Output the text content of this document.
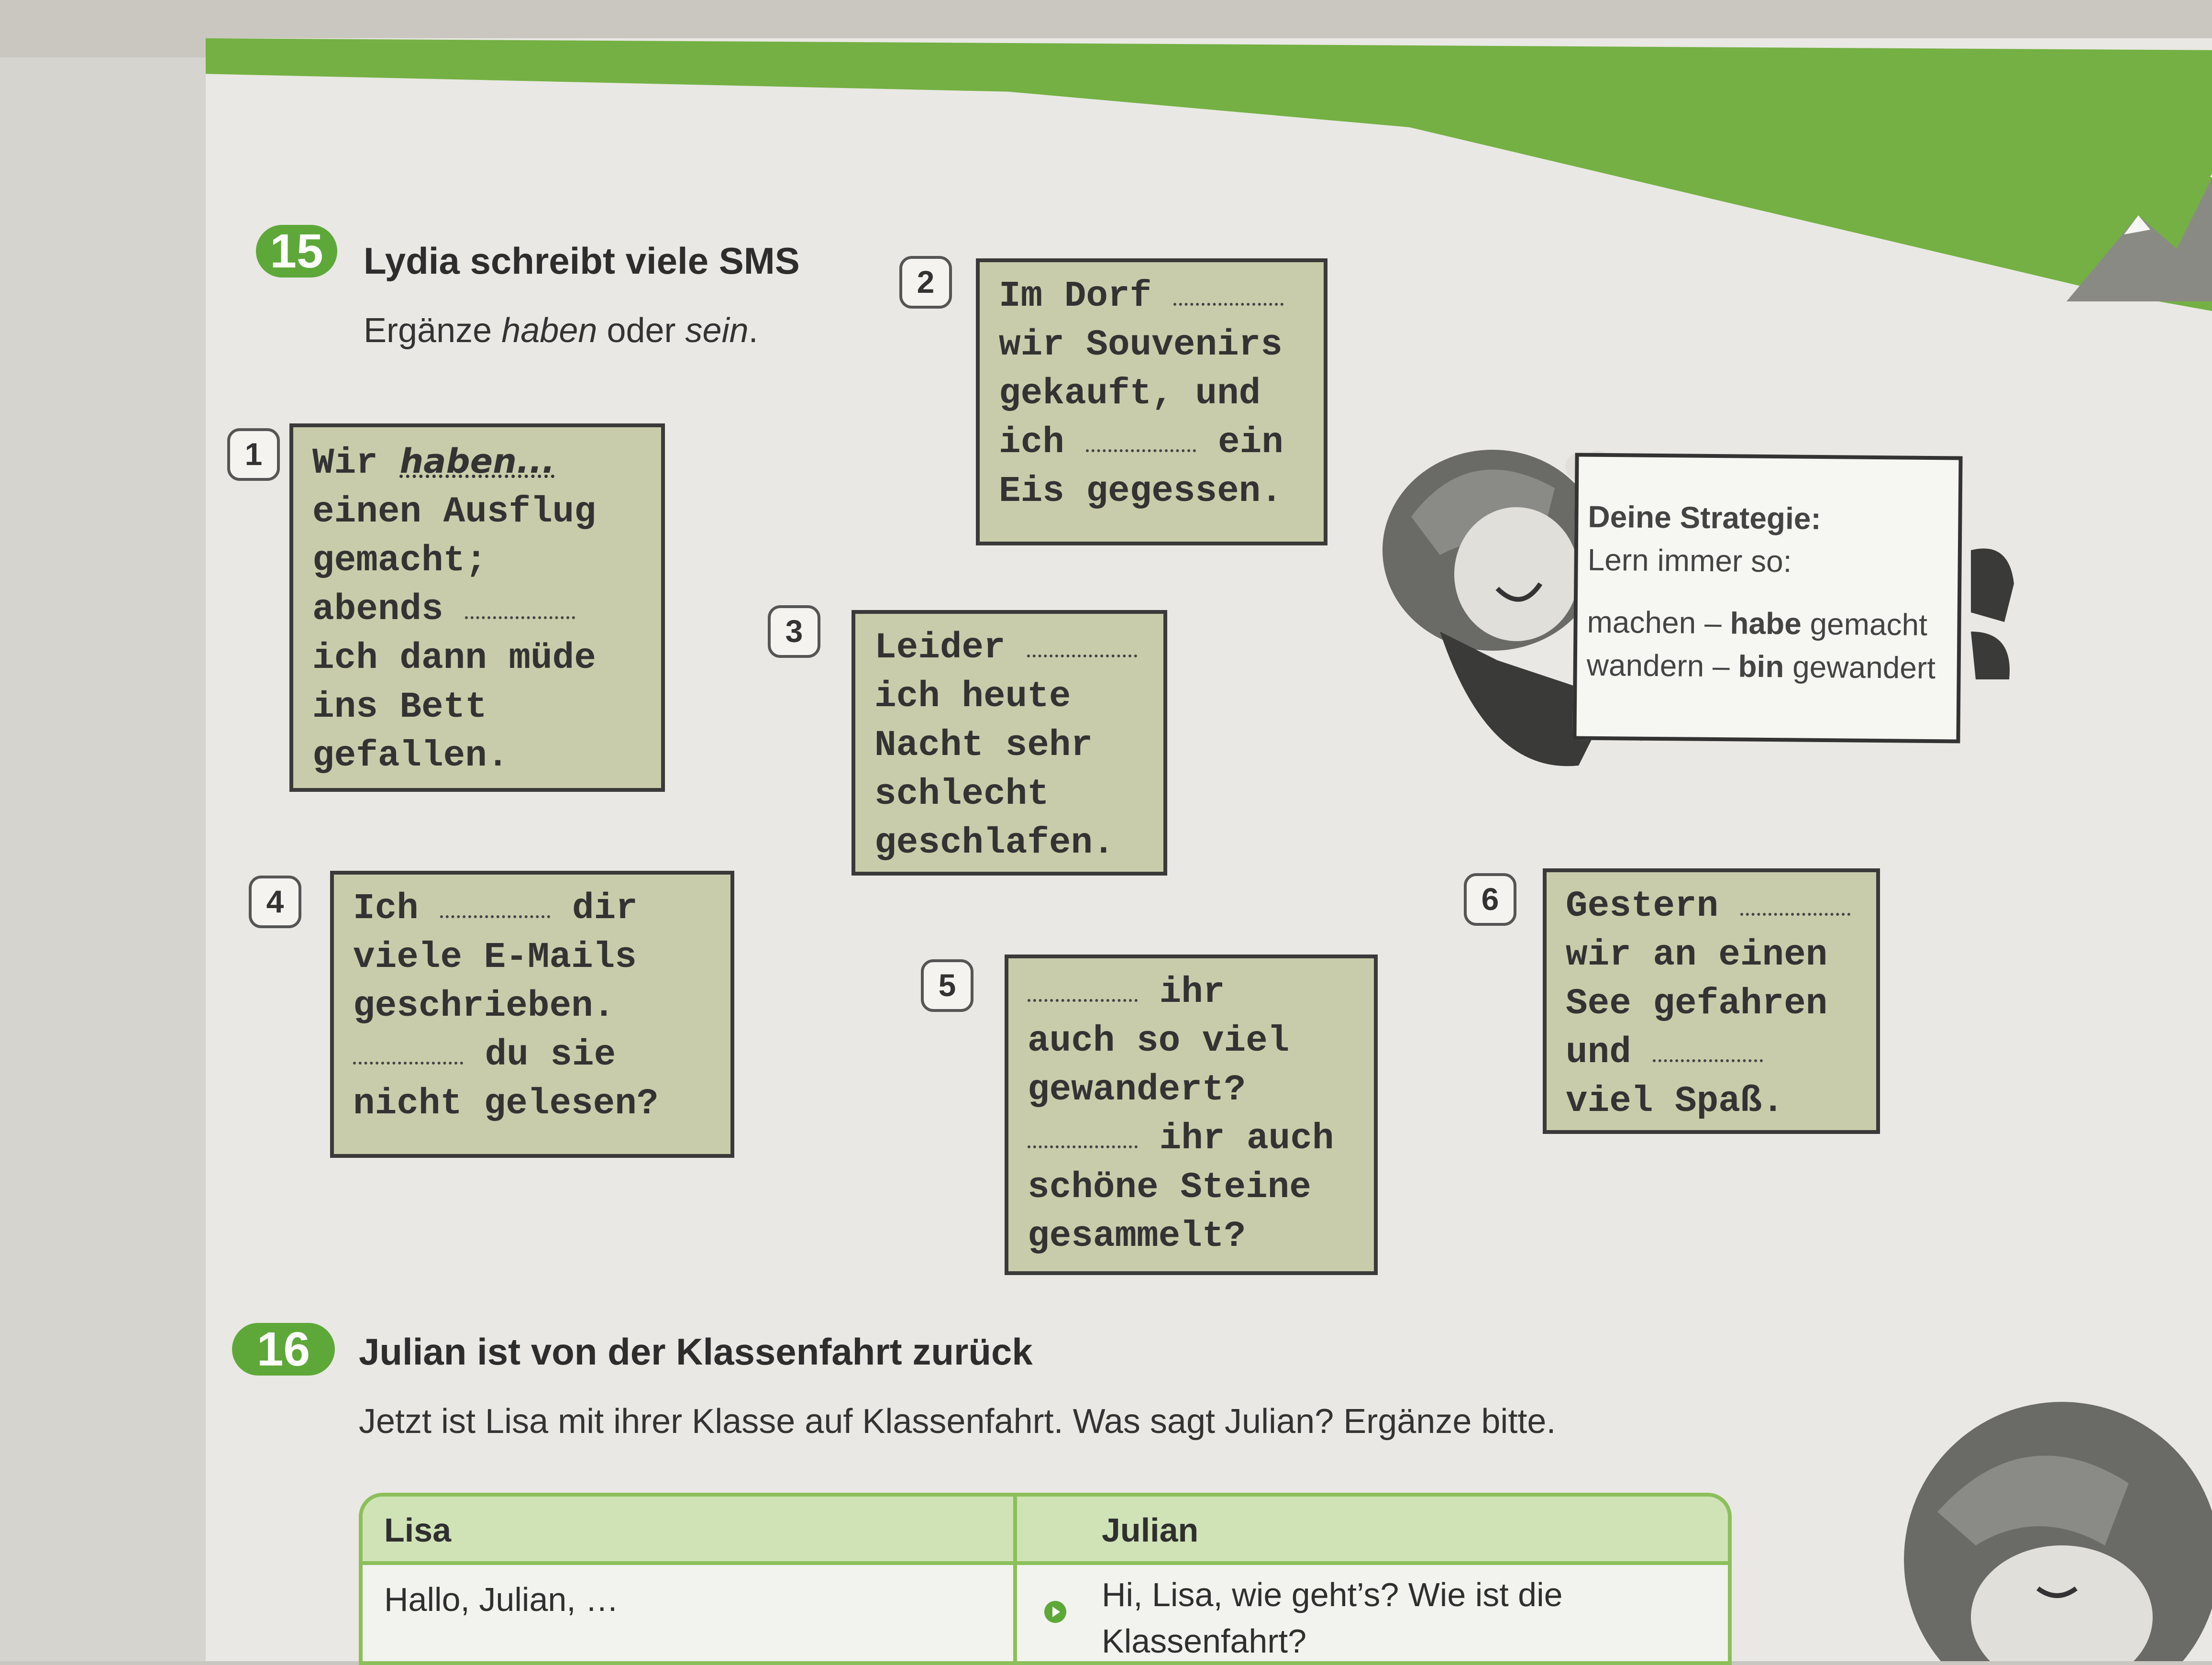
15	Lydia schreibt viele SMS
Ergänze haben oder sein.
1	Wir haben...
einen Ausflug
gemacht;
abends
ich dann müde
ins Bett
gefallen.
2	Im Dorf
wir Souvenirs
gekauft, und
ich	ein
Eis gegessen.
3	Leider
ich heute
Nacht sehr
schlecht
geschlafen.
4	Ich	dir
viele E-Mails
geschrieben.
du sie
nicht gelesen?
5	ihr
auch so viel
gewandert?
ihr auch
schöne Steine
gesammelt?
6	Gestern
wir an einen
See gefahren
und
viel Spaß.
Deine Strategie:
Lern immer so:
machen – habe gemacht
wandern – bin gewandert
16	Julian ist von der Klassenfahrt zurück
Jetzt ist Lisa mit ihrer Klasse auf Klassenfahrt. Was sagt Julian? Ergänze bitte.
Lisa	Julian
Hallo, Julian, …	Hi, Lisa, wie geht’s? Wie ist die
Klassenfahrt?
